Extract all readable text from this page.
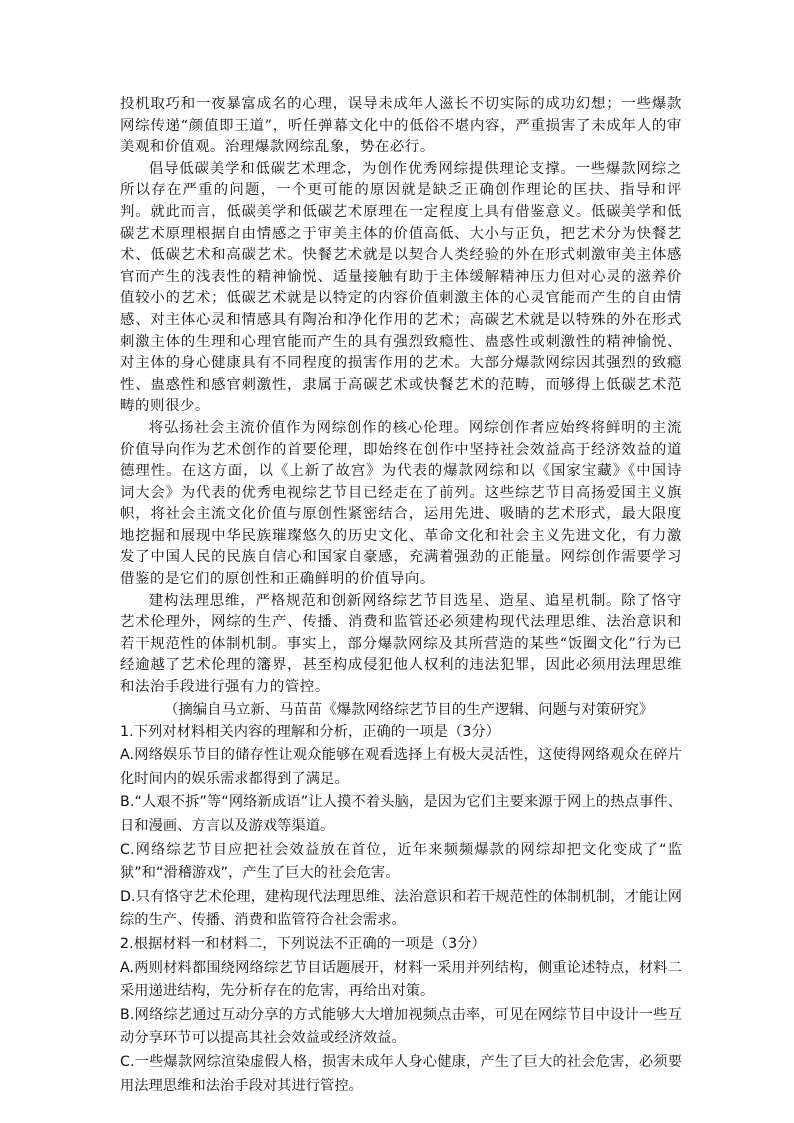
投机取巧和一夜暴富成名的心理，误导未成年人滋长不切实际的成功幻想；一些爆款网综传递“颜值即王道”，听任弹幕文化中的低俗不堪内容，严重损害了未成年人的审美观和价值观。治理爆款网综乱象，势在必行。

倡导低碳美学和低碳艺术理念，为创作优秀网综提供理论支撑。一些爆款网综之所以存在严重的问题，一个更可能的原因就是缺乏正确创作理论的匡扶、指导和评判。就此而言，低碳美学和低碳艺术原理在一定程度上具有借鉴意义。低碳美学和低碳艺术原理根据自由情感之于审美主体的价值高低、大小与正负，把艺术分为快餐艺术、低碳艺术和高碳艺术。快餐艺术就是以契合人类经验的外在形式刺激审美主体感官而产生的浅表性的精神愉悦、适量接触有助于主体缓解精神压力但对心灵的滋养价值较小的艺术；低碳艺术就是以特定的内容价值刺激主体的心灵官能而产生的自由情感、对主体心灵和情感具有陶冶和净化作用的艺术；高碳艺术就是以特殊的外在形式刺激主体的生理和心理官能而产生的具有强烈致瘾性、蛊惑性或刺激性的精神愉悦、对主体的身心健康具有不同程度的损害作用的艺术。大部分爆款网综因其强烈的致瘾性、蛊惑性和感官刺激性，隶属于高碳艺术或快餐艺术的范畴，而够得上低碳艺术范畴的则很少。

将弘扬社会主流价值作为网综创作的核心伦理。网综创作者应始终将鲜明的主流价值导向作为艺术创作的首要伦理，即始终在创作中坚持社会效益高于经济效益的道德理性。在这方面，以《上新了故宫》为代表的爆款网综和以《国家宝藏》《中国诗词大会》为代表的优秀电视综艺节目已经走在了前列。这些综艺节目高扬爱国主义旗帜，将社会主流文化价值与原创性紧密结合，运用先进、吸睛的艺术形式，最大限度地挖掘和展现中华民族璀璨悠久的历史文化、革命文化和社会主义先进文化，有力激发了中国人民的民族自信心和国家自豪感，充满着强劲的正能量。网综创作需要学习借鉴的是它们的原创性和正确鲜明的价值导向。

建构法理思维，严格规范和创新网络综艺节目选星、造星、追星机制。除了恪守艺术伦理外，网综的生产、传播、消费和监管还必须建构现代法理思维、法治意识和若干规范性的体制机制。事实上，部分爆款网综及其所营造的某些“饭圈文化”行为已经逾越了艺术伦理的籓界，甚至构成侵犯他人权利的违法犯罪，因此必须用法理思维和法治手段进行强有力的管控。

（摘编自马立新、马苗苗《爆款网络综艺节目的生产逻辑、问题与对策研究》

1.下列对材料相关内容的理解和分析，正确的一项是（3分）

A.网络娱乐节目的储存性让观众能够在观看选择上有极大灵活性，这使得网络观众在碎片化时间内的娱乐需求都得到了满足。

B.“人艰不拆”等“网络新成语”让人摸不着头脑，是因为它们主要来源于网上的热点事件、日和漫画、方言以及游戏等渠道。

C.网络综艺节目应把社会效益放在首位，近年来频频爆款的网综却把文化变成了“监狱”和“滑稽游戏”，产生了巨大的社会危害。

D.只有恪守艺术伦理，建构现代法理思维、法治意识和若干规范性的体制机制，才能让网综的生产、传播、消费和监管符合社会需求。

2.根据材料一和材料二，下列说法不正确的一项是（3分）

A.两则材料都围绕网络综艺节目话题展开，材料一采用并列结构，侧重论述特点，材料二采用递进结构，先分析存在的危害，再给出对策。

B.网络综艺通过互动分享的方式能够大大增加视频点击率，可见在网综节目中设计一些互动分享环节可以提高其社会效益或经济效益。

C.一些爆款网综渲染虚假人格，损害未成年人身心健康，产生了巨大的社会危害，必须要用法理思维和法治手段对其进行管控。
